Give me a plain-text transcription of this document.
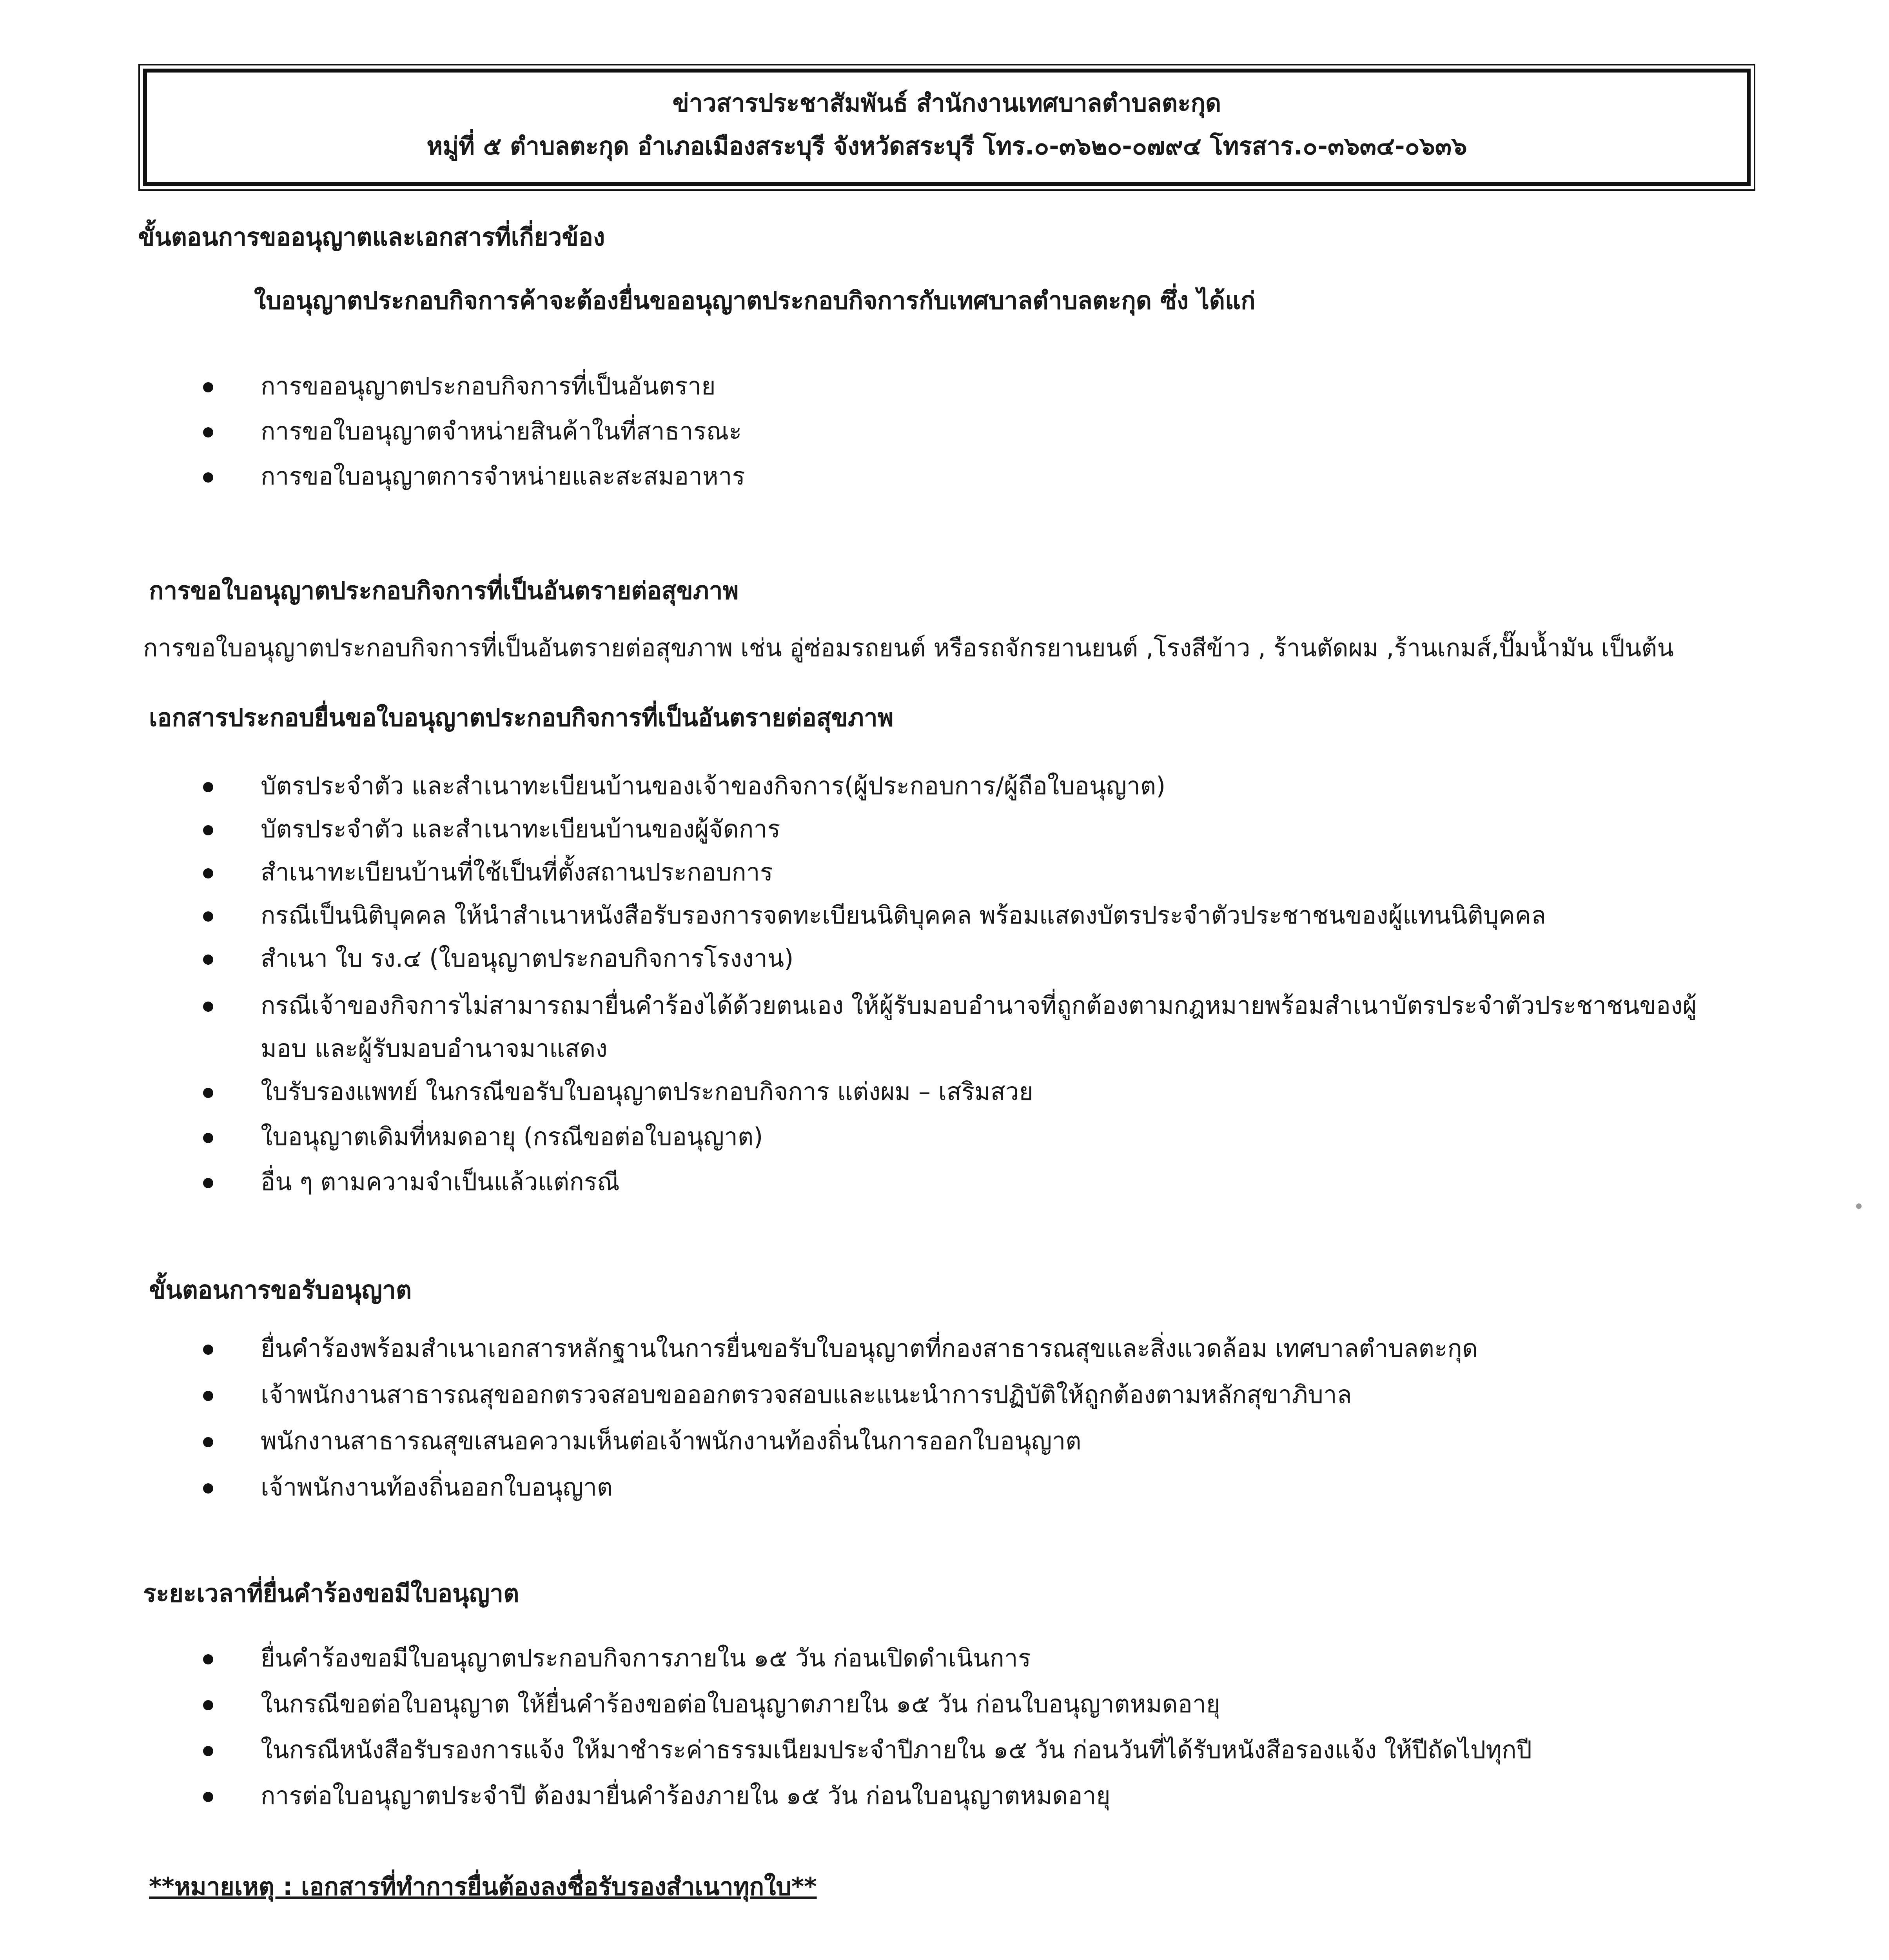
ข่าวสารประชาสัมพันธ์ สำนักงานเทศบาลตำบลตะกุด
หมู่ที่ ๕ ตำบลตะกุด อำเภอเมืองสระบุรี จังหวัดสระบุรี โทร.๐-๓๖๒๐-๐๗๙๔ โทรสาร.๐-๓๖๓๔-๐๖๓๖
ขั้นตอนการขออนุญาตและเอกสารที่เกี่ยวข้อง
ใบอนุญาตประกอบกิจการค้าจะต้องยื่นขออนุญาตประกอบกิจการกับเทศบาลตำบลตะกุด ซึ่ง ได้แก่
การขออนุญาตประกอบกิจการที่เป็นอันตราย
การขอใบอนุญาตจำหน่ายสินค้าในที่สาธารณะ
การขอใบอนุญาตการจำหน่ายและสะสมอาหาร
การขอใบอนุญาตประกอบกิจการที่เป็นอันตรายต่อสุขภาพ
การขอใบอนุญาตประกอบกิจการที่เป็นอันตรายต่อสุขภาพ เช่น อู่ซ่อมรถยนต์ หรือรถจักรยานยนต์ ,โรงสีข้าว , ร้านตัดผม ,ร้านเกมส์,ปั๊มน้ำมัน เป็นต้น
เอกสารประกอบยื่นขอใบอนุญาตประกอบกิจการที่เป็นอันตรายต่อสุขภาพ
บัตรประจำตัว และสำเนาทะเบียนบ้านของเจ้าของกิจการ(ผู้ประกอบการ/ผู้ถือใบอนุญาต)
บัตรประจำตัว และสำเนาทะเบียนบ้านของผู้จัดการ
สำเนาทะเบียนบ้านที่ใช้เป็นที่ตั้งสถานประกอบการ
กรณีเป็นนิติบุคคล ให้นำสำเนาหนังสือรับรองการจดทะเบียนนิติบุคคล พร้อมแสดงบัตรประจำตัวประชาชนของผู้แทนนิติบุคคล
สำเนา ใบ รง.๔ (ใบอนุญาตประกอบกิจการโรงงาน)
กรณีเจ้าของกิจการไม่สามารถมายื่นคำร้องได้ด้วยตนเอง ให้ผู้รับมอบอำนาจที่ถูกต้องตามกฎหมายพร้อมสำเนาบัตรประจำตัวประชาชนของผู้
มอบ และผู้รับมอบอำนาจมาแสดง
ใบรับรองแพทย์ ในกรณีขอรับใบอนุญาตประกอบกิจการ แต่งผม – เสริมสวย
ใบอนุญาตเดิมที่หมดอายุ (กรณีขอต่อใบอนุญาต)
อื่น ๆ ตามความจำเป็นแล้วแต่กรณี
ขั้นตอนการขอรับอนุญาต
ยื่นคำร้องพร้อมสำเนาเอกสารหลักฐานในการยื่นขอรับใบอนุญาตที่กองสาธารณสุขและสิ่งแวดล้อม เทศบาลตำบลตะกุด
เจ้าพนักงานสาธารณสุขออกตรวจสอบขอออกตรวจสอบและแนะนำการปฏิบัติให้ถูกต้องตามหลักสุขาภิบาล
พนักงานสาธารณสุขเสนอความเห็นต่อเจ้าพนักงานท้องถิ่นในการออกใบอนุญาต
เจ้าพนักงานท้องถิ่นออกใบอนุญาต
ระยะเวลาที่ยื่นคำร้องขอมีใบอนุญาต
ยื่นคำร้องขอมีใบอนุญาตประกอบกิจการภายใน ๑๕ วัน ก่อนเปิดดำเนินการ
ในกรณีขอต่อใบอนุญาต ให้ยื่นคำร้องขอต่อใบอนุญาตภายใน ๑๕ วัน ก่อนใบอนุญาตหมดอายุ
ในกรณีหนังสือรับรองการแจ้ง ให้มาชำระค่าธรรมเนียมประจำปีภายใน ๑๕ วัน ก่อนวันที่ได้รับหนังสือรองแจ้ง ให้ปีถัดไปทุกปี
การต่อใบอนุญาตประจำปี ต้องมายื่นคำร้องภายใน ๑๕ วัน ก่อนใบอนุญาตหมดอายุ
**หมายเหตุ : เอกสารที่ทำการยื่นต้องลงชื่อรับรองสำเนาทุกใบ**
